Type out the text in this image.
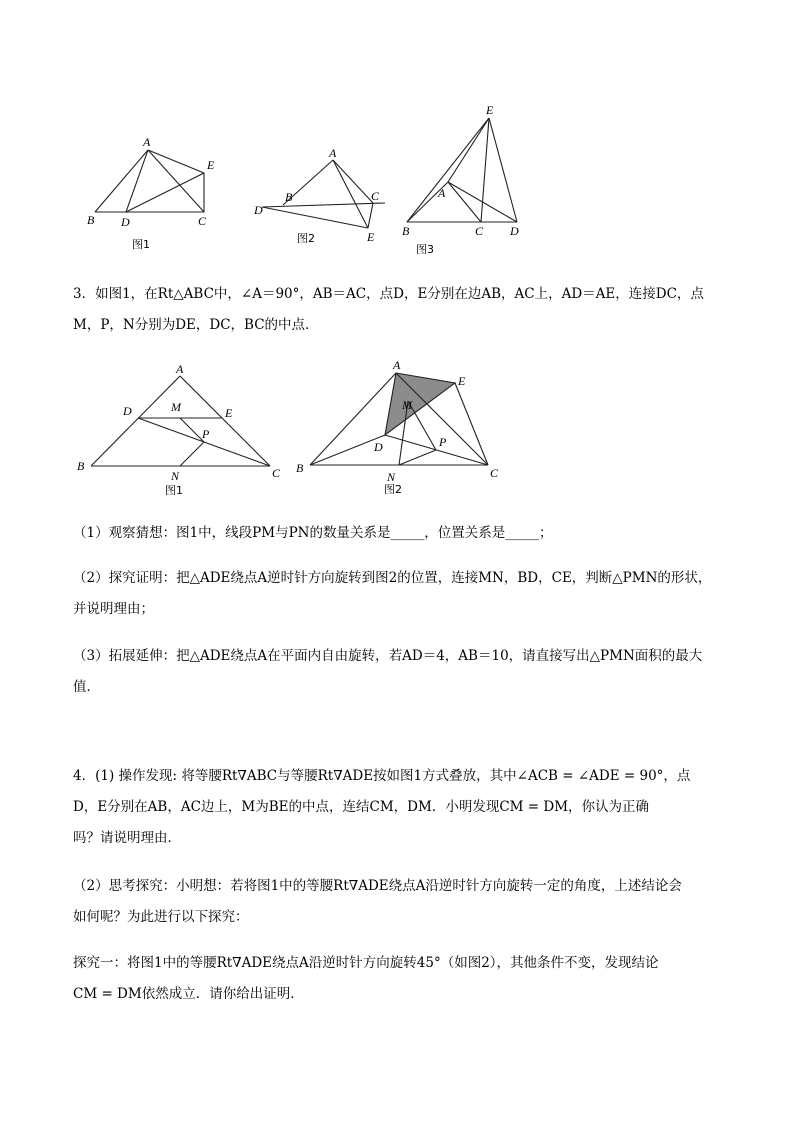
A
B D	C
E
图1
A
B	C
D
E
图2
E
A
B	C D
图3
3．如图1，在Rt△ABC中，∠A＝90°，AB＝AC，点D，E分别在边AB，AC上，AD＝AE，连接DC，点
M，P，N分别为DE，DC，BC的中点．
A
D	M	E
P
B
N	C
图1
A
E
M
D	P
B
N	C
图2
（1）观察猜想：图1中，线段PM与PN的数量关系是_____，位置关系是_____；
（2）探究证明：把△ADE绕点A逆时针方向旋转到图2的位置，连接MN，BD，CE，判断△PMN的形状，
并说明理由；
（3）拓展延伸：把△ADE绕点A在平面内自由旋转，若AD＝4，AB＝10，请直接写出△PMN面积的最大
值．
4．(1) 操作发现: 将等腰Rt∇ABC与等腰Rt∇ADE按如图1方式叠放，其中∠ACB = ∠ADE = 90°，点
D，E分别在AB，AC边上，M为BE的中点，连结CM，DM．小明发现CM = DM，你认为正确
吗？请说明理由．
（2）思考探究：小明想：若将图1中的等腰Rt∇ADE绕点A沿逆时针方向旋转一定的角度，上述结论会
如何呢？为此进行以下探究：
探究一：将图1中的等腰Rt∇ADE绕点A沿逆时针方向旋转45°（如图2），其他条件不变，发现结论
CM = DM依然成立．请你给出证明．
